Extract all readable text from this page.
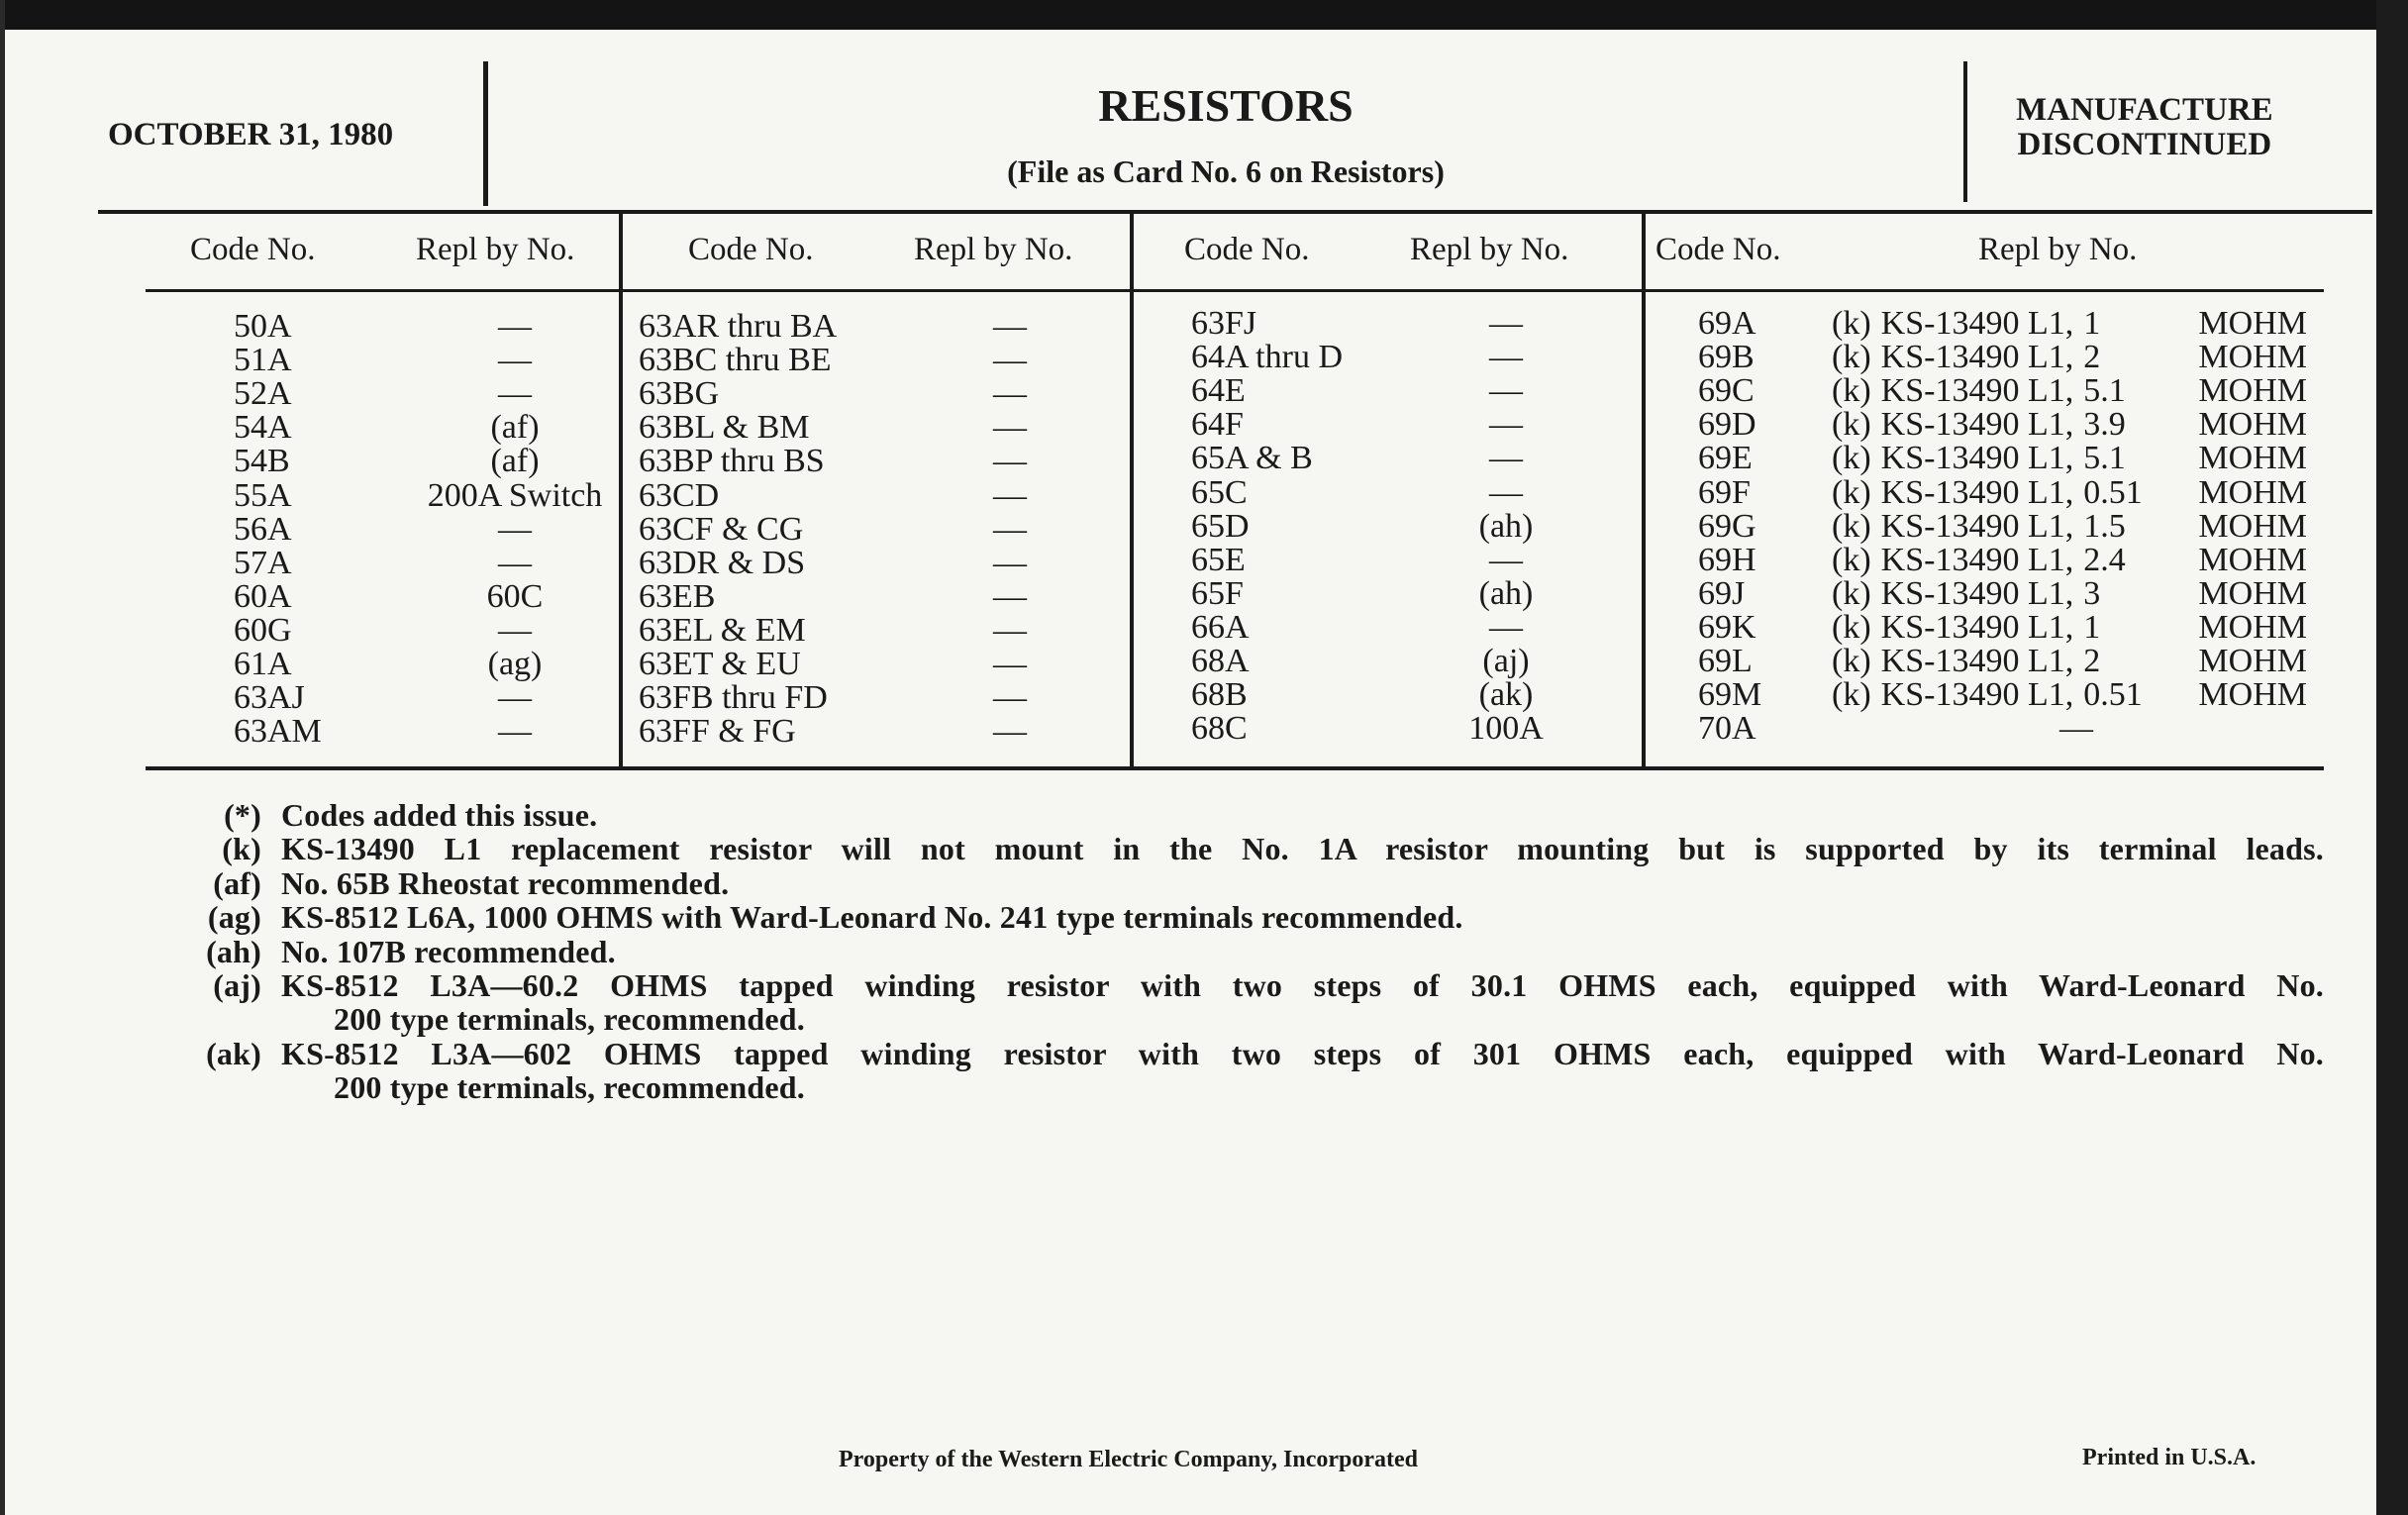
OCTOBER 31, 1980
RESISTORS
(File as Card No. 6 on Resistors)
MANUFACTURE
DISCONTINUED
Code No.	Repl by No.
50A	—
51A	—
52A	—
54A	(af)
54B	(af)
55A	200A Switch
56A	—
57A	—
60A	60C
60G	—
61A	(ag)
63AJ	—
63AM	—
Code No.	Repl by No.
63AR thru BA	—
63BC thru BE	—
63BG	—
63BL & BM	—
63BP thru BS	—
63CD	—
63CF & CG	—
63DR & DS	—
63EB	—
63EL & EM	—
63ET & EU	—
63FB thru FD	—
63FF & FG	—
Code No.	Repl by No.
63FJ	—
64A thru D	—
64E	—
64F	—
65A & B	—
65C	—
65D	(ah)
65E	—
65F	(ah)
66A	—
68A	(aj)
68B	(ak)
68C	100A
Code No.	Repl by No.
69A (k) KS-13490 L1, 1	MOHM
69B (k) KS-13490 L1, 2	MOHM
69C (k) KS-13490 L1, 5.1	MOHM
69D (k) KS-13490 L1, 3.9	MOHM
69E (k) KS-13490 L1, 5.1	MOHM
69F (k) KS-13490 L1, 0.51	MOHM
69G (k) KS-13490 L1, 1.5	MOHM
69H (k) KS-13490 L1, 2.4	MOHM
69J	(k) KS-13490 L1, 3	MOHM
69K (k) KS-13490 L1, 1	MOHM
69L (k) KS-13490 L1, 2	MOHM
69M (k) KS-13490 L1, 0.51	MOHM
70A	—
(*) Codes added this issue.
(k) KS-13490 L1 replacement resistor will not mount in the No. 1A resistor mounting but is supported by its terminal leads.
(af) No. 65B Rheostat recommended.
(ag) KS-8512 L6A, 1000 OHMS with Ward-Leonard No. 241 type terminals recommended.
(ah) No. 107B recommended.
(aj) KS-8512 L3A—60.2 OHMS tapped winding resistor with two steps of 30.1 OHMS each, equipped with Ward-Leonard No.
200 type terminals, recommended.
(ak) KS-8512 L3A—602 OHMS tapped winding resistor with two steps of 301 OHMS each, equipped with Ward-Leonard No.
200 type terminals, recommended.
Property of the Western Electric Company, Incorporated	Printed in U.S.A.
